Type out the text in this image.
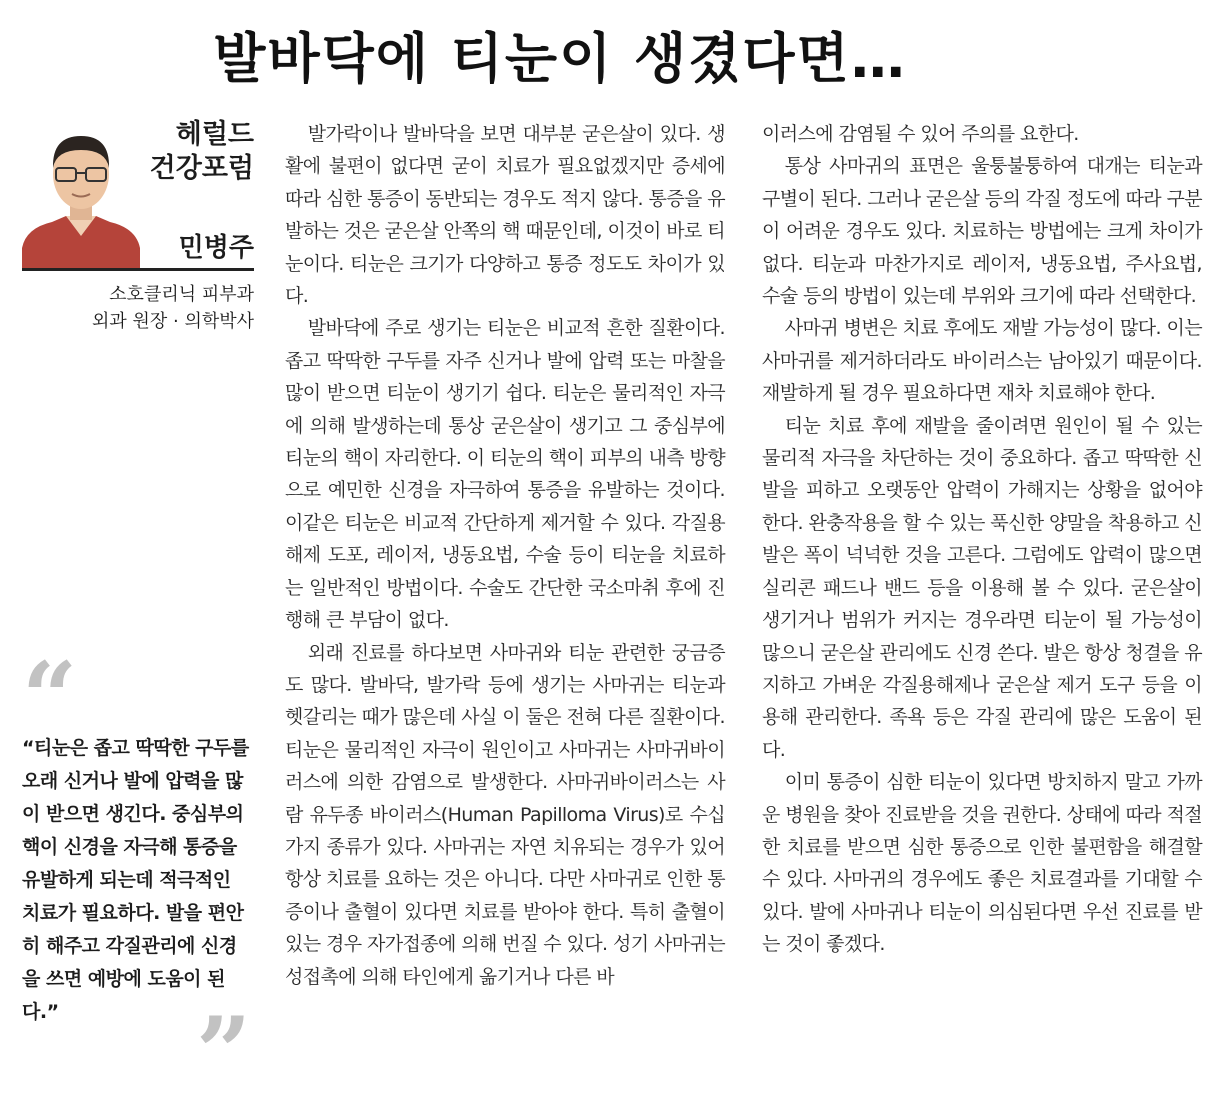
발바닥에 티눈이 생겼다면…
헤럴드
건강포럼
민병주
소호클리닉 피부과
외과 원장 · 의학박사
“
“티눈은 좁고 딱딱한 구두를 오래 신거나 발에 압력을 많이 받으면 생긴다. 중심부의 핵이 신경을 자극해 통증을 유발하게 되는데 적극적인 치료가 필요하다. 발을 편안히 해주고 각질관리에 신경을 쓰면 예방에 도움이 된다.”	”

발가락이나 발바닥을 보면 대부분 굳은살이 있다. 생활에 불편이 없다면 굳이 치료가 필요없겠지만 증세에 따라 심한 통증이 동반되는 경우도 적지 않다. 통증을 유발하는 것은 굳은살 안쪽의 핵 때문인데, 이것이 바로 티눈이다. 티눈은 크기가 다양하고 통증 정도도 차이가 있다.

발바닥에 주로 생기는 티눈은 비교적 흔한 질환이다. 좁고 딱딱한 구두를 자주 신거나 발에 압력 또는 마찰을 많이 받으면 티눈이 생기기 쉽다. 티눈은 물리적인 자극에 의해 발생하는데 통상 굳은살이 생기고 그 중심부에 티눈의 핵이 자리한다. 이 티눈의 핵이 피부의 내측 방향으로 예민한 신경을 자극하여 통증을 유발하는 것이다. 이같은 티눈은 비교적 간단하게 제거할 수 있다. 각질용해제 도포, 레이저, 냉동요법, 수술 등이 티눈을 치료하는 일반적인 방법이다. 수술도 간단한 국소마취 후에 진행해 큰 부담이 없다.

외래 진료를 하다보면 사마귀와 티눈 관련한 궁금증도 많다. 발바닥, 발가락 등에 생기는 사마귀는 티눈과 헷갈리는 때가 많은데 사실 이 둘은 전혀 다른 질환이다. 티눈은 물리적인 자극이 원인이고 사마귀는 사마귀바이러스에 의한 감염으로 발생한다. 사마귀바이러스는 사람 유두종 바이러스(Human Papilloma Virus)로 수십가지 종류가 있다. 사마귀는 자연 치유되는 경우가 있어 항상 치료를 요하는 것은 아니다. 다만 사마귀로 인한 통증이나 출혈이 있다면 치료를 받아야 한다. 특히 출혈이 있는 경우 자가접종에 의해 번질 수 있다. 성기 사마귀는 성접촉에 의해 타인에게 옮기거나 다른 바

이러스에 감염될 수 있어 주의를 요한다.

통상 사마귀의 표면은 울퉁불퉁하여 대개는 티눈과 구별이 된다. 그러나 굳은살 등의 각질 정도에 따라 구분이 어려운 경우도 있다. 치료하는 방법에는 크게 차이가 없다. 티눈과 마찬가지로 레이저, 냉동요법, 주사요법, 수술 등의 방법이 있는데 부위와 크기에 따라 선택한다.

사마귀 병변은 치료 후에도 재발 가능성이 많다. 이는 사마귀를 제거하더라도 바이러스는 남아있기 때문이다. 재발하게 될 경우 필요하다면 재차 치료해야 한다.

티눈 치료 후에 재발을 줄이려면 원인이 될 수 있는 물리적 자극을 차단하는 것이 중요하다. 좁고 딱딱한 신발을 피하고 오랫동안 압력이 가해지는 상황을 없어야 한다. 완충작용을 할 수 있는 푹신한 양말을 착용하고 신발은 폭이 넉넉한 것을 고른다. 그럼에도 압력이 많으면 실리콘 패드나 밴드 등을 이용해 볼 수 있다. 굳은살이 생기거나 범위가 커지는 경우라면 티눈이 될 가능성이 많으니 굳은살 관리에도 신경 쓴다. 발은 항상 청결을 유지하고 가벼운 각질용해제나 굳은살 제거 도구 등을 이용해 관리한다. 족욕 등은 각질 관리에 많은 도움이 된다.

이미 통증이 심한 티눈이 있다면 방치하지 말고 가까운 병원을 찾아 진료받을 것을 권한다. 상태에 따라 적절한 치료를 받으면 심한 통증으로 인한 불편함을 해결할 수 있다. 사마귀의 경우에도 좋은 치료결과를 기대할 수 있다. 발에 사마귀나 티눈이 의심된다면 우선 진료를 받는 것이 좋겠다.
